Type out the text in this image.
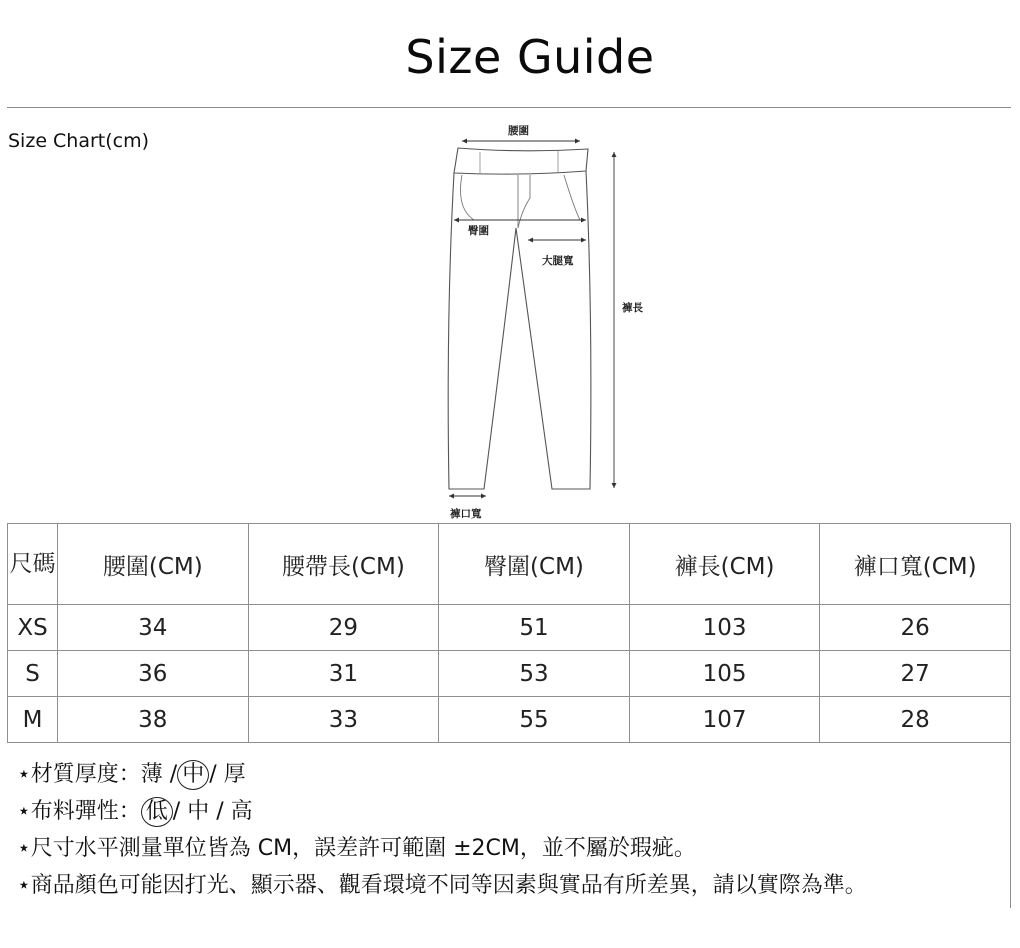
Size Guide
Size Chart(cm)	腰圍
臀圍
大腿寬
褲長
褲口寬
尺碼	腰圍(CM)	腰帶長(CM)	臀圍(CM)	褲長(CM)	褲口寬(CM)
XS	34	29	51	103	26
S	36	31	53	105	27
M	38	33	55	107	28
⋆材質厚度：薄 / 中 / 厚
⋆布料彈性： 低 / 中 / 高
⋆尺寸水平測量單位皆為 CM，誤差許可範圍 ±2CM，並不屬於瑕疵。
⋆商品顏色可能因打光、顯示器、觀看環境不同等因素與實品有所差異，請以實際為準。
